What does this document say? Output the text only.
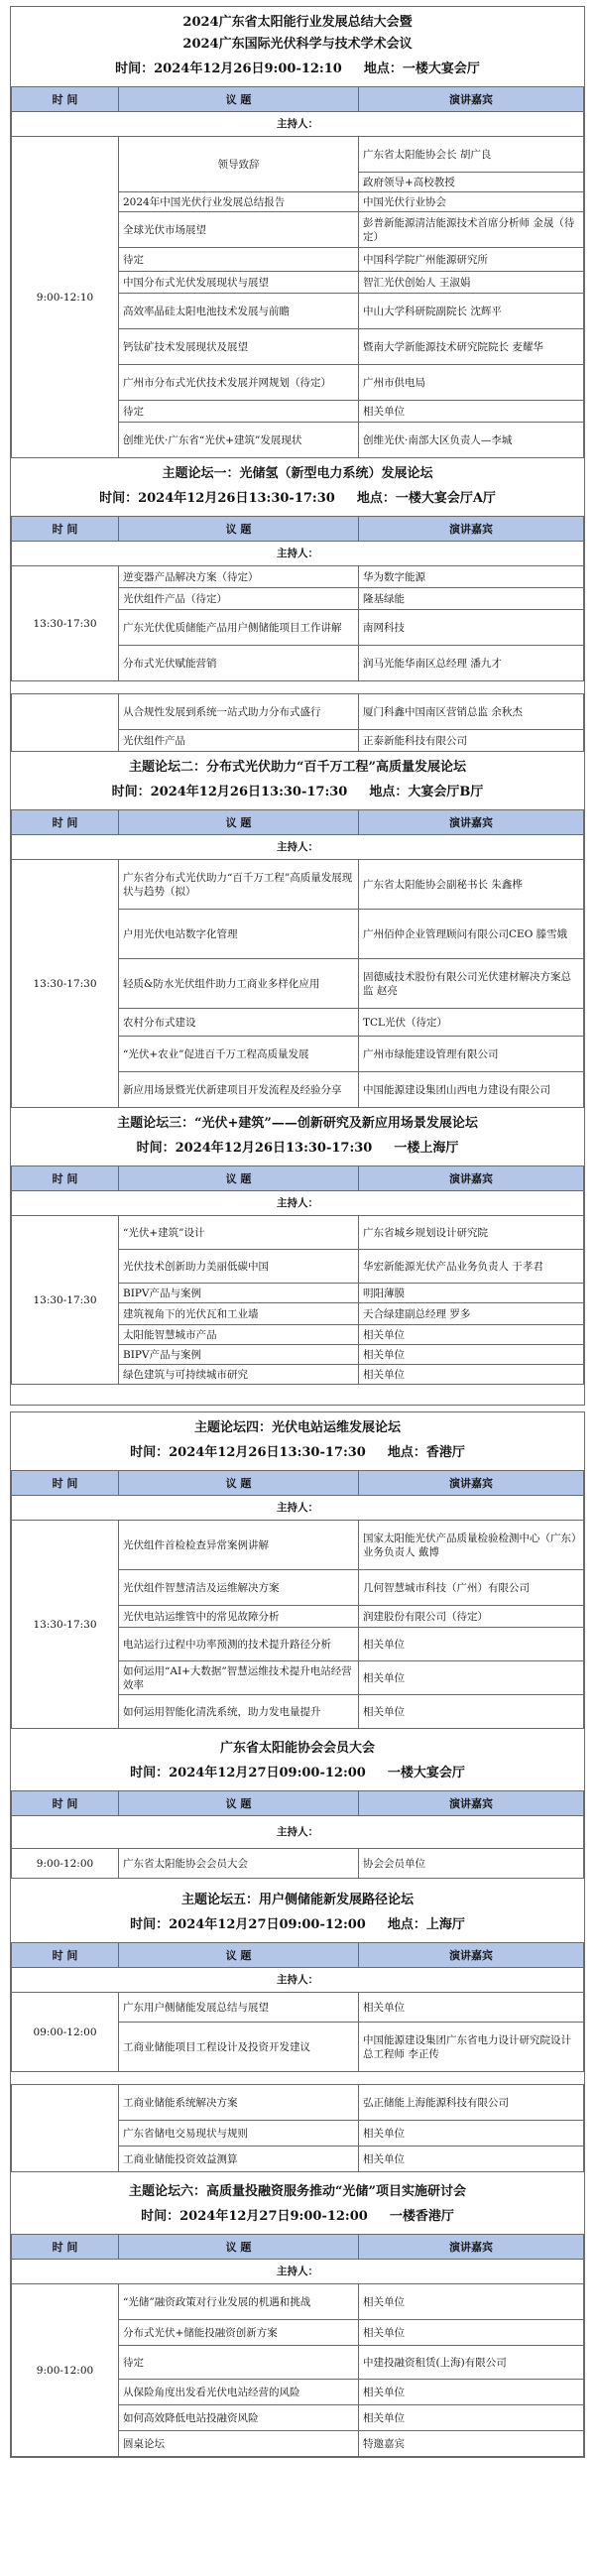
2024广东省太阳能行业发展总结大会暨
2024广东国际光伏科学与技术学术会议
时间：2024年12月26日9:00-12:10 地点：一楼大宴会厅
时 间	议 题	演讲嘉宾
主持人：		
9:00-12:10	领导致辞	广东省太阳能协会长 胡广良
		政府领导+高校教授
	2024年中国光伏行业发展总结报告	中国光伏行业协会
	全球光伏市场展望	彭普新能源清洁能源技术首席分析师 金晟（待定）
	待定	中国科学院广州能源研究所
	中国分布式光伏发展现状与展望	智汇光伏创始人 王淑娟
	高效率晶硅太阳电池技术发展与前瞻	中山大学科研院副院长 沈辉平
	钙钛矿技术发展现状及展望	暨南大学新能源技术研究院院长 麦耀华
	广州市分布式光伏技术发展并网规划（待定）	广州市供电局
	待定	相关单位
	创维光伏·广东省“光伏+建筑”发展现状	创维光伏·南部大区负责人—李城
主题论坛一：光储氢（新型电力系统）发展论坛
时间：2024年12月26日13:30-17:30 地点：一楼大宴会厅A厅
时 间	议 题	演讲嘉宾
主持人：		
13:30-17:30	逆变器产品解决方案（待定）	华为数字能源
	光伏组件产品（待定）	隆基绿能
	广东光伏优质储能产品用户侧储能项目工作讲解	南网科技
	分布式光伏赋能营销	润马光能华南区总经理 潘九才
	从合规性发展到系统一站式助力分布式盛行	厦门科鑫中国南区营销总监 余秋杰
	光伏组件产品	正泰新能科技有限公司
主题论坛二：分布式光伏助力“百千万工程”高质量发展论坛
时间：2024年12月26日13:30-17:30 地点：大宴会厅B厅
时 间	议 题	演讲嘉宾
主持人：		
13:30-17:30	广东省分布式光伏助力“百千万工程”高质量发展现状与趋势（拟）	广东省太阳能协会副秘书长 朱鑫桦
	户用光伏电站数字化管理	广州佰仲企业管理顾问有限公司CEO 滕雪娥
	轻质&防水光伏组件助力工商业多样化应用	固德威技术股份有限公司光伏建材解决方案总监 赵亮
	农村分布式建设	TCL光伏（待定）
	“光伏+农业”促进百千万工程高质量发展	广州市绿能建设管理有限公司
	新应用场景暨光伏新建项目开发流程及经验分享	中国能源建设集团山西电力建设有限公司
主题论坛三：“光伏+建筑”——创新研究及新应用场景发展论坛
时间：2024年12月26日13:30-17:30 一楼上海厅
时 间	议 题	演讲嘉宾
主持人：		
13:30-17:30	“光伏+建筑”设计	广东省城乡规划设计研究院
	光伏技术创新助力美丽低碳中国	华宏新能源光伏产品业务负责人 于孝君
	BIPV产品与案例	明阳薄膜
	建筑视角下的光伏瓦和工业墙	天合绿建副总经理 罗多
	太阳能智慧城市产品	相关单位
	BIPV产品与案例	相关单位
	绿色建筑与可持续城市研究	相关单位
主题论坛四：光伏电站运维发展论坛
时间：2024年12月26日13:30-17:30 地点：香港厅
时 间	议 题	演讲嘉宾
主持人：		
13:30-17:30	光伏组件首检检查异常案例讲解	国家太阳能光伏产品质量检验检测中心（广东）业务负责人 戴博
	光伏组件智慧清洁及运维解决方案	几何智慧城市科技（广州）有限公司
	光伏电站运维管中的常见故障分析	润建股份有限公司（待定）
	电站运行过程中功率预测的技术提升路径分析	相关单位
	如何运用“AI+大数据”智慧运维技术提升电站经营效率	相关单位
	如何运用智能化清洗系统，助力发电量提升	相关单位
广东省太阳能协会会员大会
时间：2024年12月27日09:00-12:00 一楼大宴会厅
时 间	议 题	演讲嘉宾
主持人：		
9:00-12:00	广东省太阳能协会会员大会	协会会员单位
主题论坛五：用户侧储能新发展路径论坛
时间：2024年12月27日09:00-12:00 地点：上海厅
时 间	议 题	演讲嘉宾
主持人：		
09:00-12:00	广东用户侧储能发展总结与展望	相关单位
	工商业储能项目工程设计及投资开发建议	中国能源建设集团广东省电力设计研究院设计总工程师 李正传
	工商业储能系统解决方案	弘正储能上海能源科技有限公司
	广东省储电交易现状与规则	相关单位
	工商业储能投资效益测算	相关单位
主题论坛六：高质量投融资服务推动“光储”项目实施研讨会
时间：2024年12月27日9:00-12:00 一楼香港厅
时 间	议 题	演讲嘉宾
主持人：		
9:00-12:00	“光储”融资政策对行业发展的机遇和挑战	相关单位
	分布式光伏+储能投融资创新方案	相关单位
	待定	中建投融资租赁(上海)有限公司
	从保险角度出发看光伏电站经营的风险	相关单位
	如何高效降低电站投融资风险	相关单位
	圆桌论坛	特邀嘉宾
